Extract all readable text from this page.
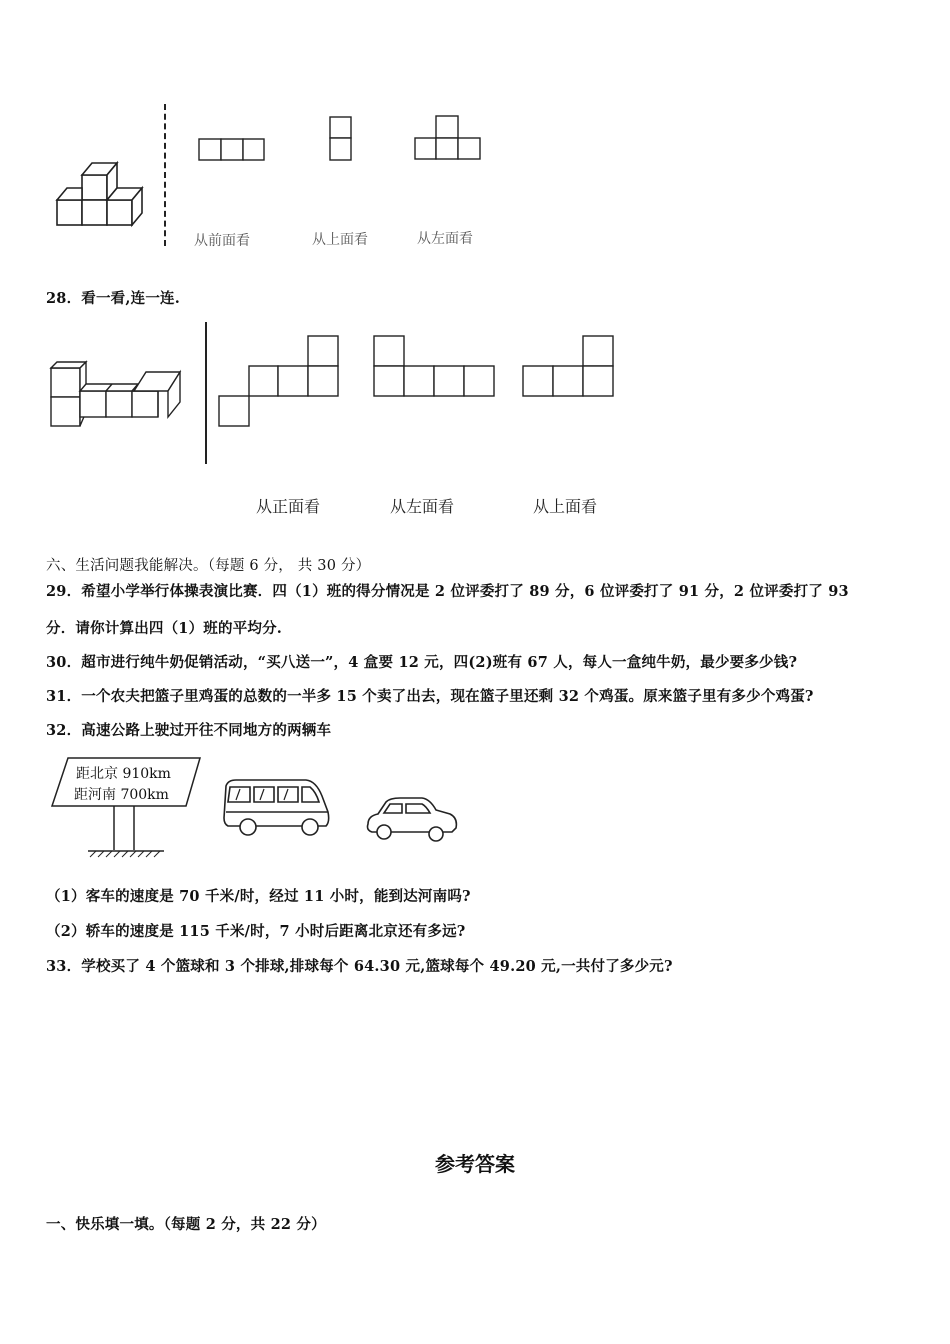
从前面看	从上面看	从左面看
28．看一看,连一连.
从正面看	从左面看	从上面看
六、生活问题我能解决。（每题 6 分， 共 30 分）
29．希望小学举行体操表演比赛．四（1）班的得分情况是 2 位评委打了 89 分，6 位评委打了 91 分，2 位评委打了 93
分．请你计算出四（1）班的平均分.
30．超市进行纯牛奶促销活动，“买八送一”，4 盒要 12 元，四(2)班有 67 人，每人一盒纯牛奶，最少要多少钱?
31．一个农夫把篮子里鸡蛋的总数的一半多 15 个卖了出去，现在篮子里还剩 32 个鸡蛋。原来篮子里有多少个鸡蛋?
32．高速公路上驶过开往不同地方的两辆车
距北京 910km
距河南 700km
（1）客车的速度是 70 千米/时，经过 11 小时，能到达河南吗?
（2）轿车的速度是 115 千米/时，7 小时后距离北京还有多远?
33．学校买了 4 个篮球和 3 个排球,排球每个 64.30 元,篮球每个 49.20 元,一共付了多少元?
参考答案
一、快乐填一填。（每题 2 分，共 22 分）
